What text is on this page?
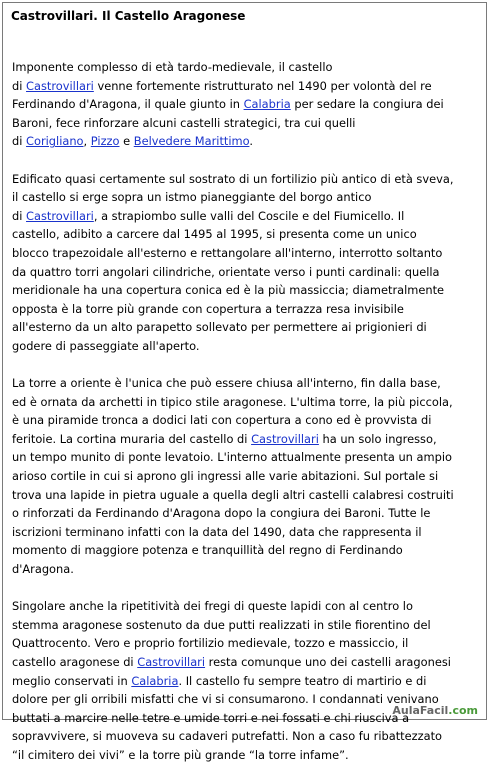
Castrovillari. Il Castello Aragonese

Imponente complesso di età tardo-medievale, il castello
di Castrovillari venne fortemente ristrutturato nel 1490 per volontà del re
Ferdinando d'Aragona, il quale giunto in Calabria per sedare la congiura dei
Baroni, fece rinforzare alcuni castelli strategici, tra cui quelli
di Corigliano, Pizzo e Belvedere Marittimo.

Edificato quasi certamente sul sostrato di un fortilizio più antico di età sveva,
il castello si erge sopra un istmo pianeggiante del borgo antico
di Castrovillari, a strapiombo sulle valli del Coscile e del Fiumicello. Il
castello, adibito a carcere dal 1495 al 1995, si presenta come un unico
blocco trapezoidale all'esterno e rettangolare all'interno, interrotto soltanto
da quattro torri angolari cilindriche, orientate verso i punti cardinali: quella
meridionale ha una copertura conica ed è la più massiccia; diametralmente
opposta è la torre più grande con copertura a terrazza resa invisibile
all'esterno da un alto parapetto sollevato per permettere ai prigionieri di
godere di passeggiate all'aperto.

La torre a oriente è l'unica che può essere chiusa all'interno, fin dalla base,
ed è ornata da archetti in tipico stile aragonese. L'ultima torre, la più piccola,
è una piramide tronca a dodici lati con copertura a cono ed è provvista di
feritoie. La cortina muraria del castello di Castrovillari ha un solo ingresso,
un tempo munito di ponte levatoio. L'interno attualmente presenta un ampio
arioso cortile in cui si aprono gli ingressi alle varie abitazioni. Sul portale si
trova una lapide in pietra uguale a quella degli altri castelli calabresi costruiti
o rinforzati da Ferdinando d'Aragona dopo la congiura dei Baroni. Tutte le
iscrizioni terminano infatti con la data del 1490, data che rappresenta il
momento di maggiore potenza e tranquillità del regno di Ferdinando
d'Aragona.

Singolare anche la ripetitività dei fregi di queste lapidi con al centro lo
stemma aragonese sostenuto da due putti realizzati in stile fiorentino del
Quattrocento. Vero e proprio fortilizio medievale, tozzo e massiccio, il
castello aragonese di Castrovillari resta comunque uno dei castelli aragonesi
meglio conservati in Calabria. Il castello fu sempre teatro di martirio e di
dolore per gli orribili misfatti che vi si consumarono. I condannati venivano
buttati a marcire nelle tetre e umide torri e nei fossati e chi riusciva a
sopravvivere, si muoveva su cadaveri putrefatti. Non a caso fu ribattezzato
“il cimitero dei vivi” e la torre più grande “la torre infame”.

AulaFacil.com
